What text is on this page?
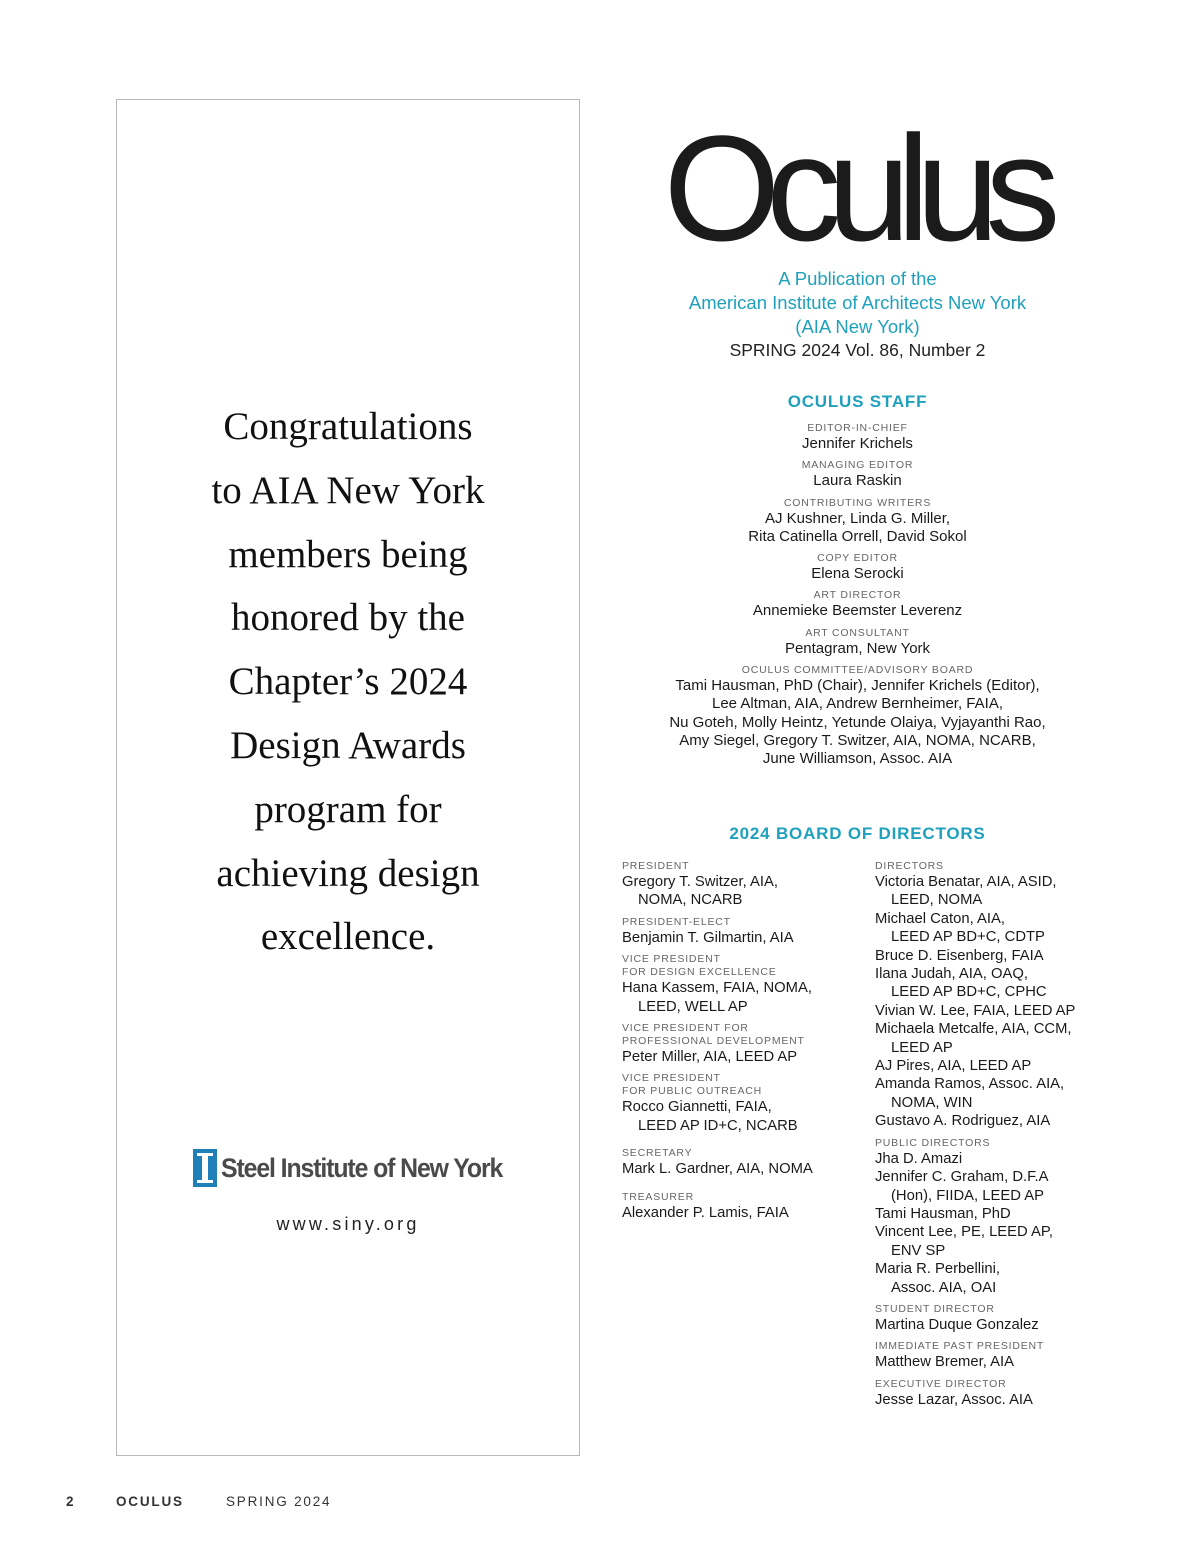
Congratulations
to AIA New York
members being
honored by the
Chapter’s 2024
Design Awards
program for
achieving design
excellence.
Steel Institute of New York
www.siny.org
Oculus
A Publication of the
American Institute of Architects New York
(AIA New York)
SPRING 2024 Vol. 86, Number 2
OCULUS STAFF
EDITOR-IN-CHIEF
Jennifer Krichels
MANAGING EDITOR
Laura Raskin
CONTRIBUTING WRITERS
AJ Kushner, Linda G. Miller,
Rita Catinella Orrell, David Sokol
COPY EDITOR
Elena Serocki
ART DIRECTOR
Annemieke Beemster Leverenz
ART CONSULTANT
Pentagram, New York
OCULUS COMMITTEE/ADVISORY BOARD
Tami Hausman, PhD (Chair), Jennifer Krichels (Editor),
Lee Altman, AIA, Andrew Bernheimer, FAIA,
Nu Goteh, Molly Heintz, Yetunde Olaiya, Vyjayanthi Rao,
Amy Siegel, Gregory T. Switzer, AIA, NOMA, NCARB,
June Williamson, Assoc. AIA
2024 BOARD OF DIRECTORS
PRESIDENT
Gregory T. Switzer, AIA,
NOMA, NCARB
PRESIDENT-ELECT
Benjamin T. Gilmartin, AIA
VICE PRESIDENT
FOR DESIGN EXCELLENCE
Hana Kassem, FAIA, NOMA,
LEED, WELL AP
VICE PRESIDENT FOR
PROFESSIONAL DEVELOPMENT
Peter Miller, AIA, LEED AP
VICE PRESIDENT
FOR PUBLIC OUTREACH
Rocco Giannetti, FAIA,
LEED AP ID+C, NCARB
SECRETARY
Mark L. Gardner, AIA, NOMA
TREASURER
Alexander P. Lamis, FAIA
DIRECTORS
Victoria Benatar, AIA, ASID,
LEED, NOMA
Michael Caton, AIA,
LEED AP BD+C, CDTP
Bruce D. Eisenberg, FAIA
Ilana Judah, AIA, OAQ,
LEED AP BD+C, CPHC
Vivian W. Lee, FAIA, LEED AP
Michaela Metcalfe, AIA, CCM,
LEED AP
AJ Pires, AIA, LEED AP
Amanda Ramos, Assoc. AIA,
NOMA, WIN
Gustavo A. Rodriguez, AIA
PUBLIC DIRECTORS
Jha D. Amazi
Jennifer C. Graham, D.F.A
(Hon), FIIDA, LEED AP
Tami Hausman, PhD
Vincent Lee, PE, LEED AP,
ENV SP
Maria R. Perbellini,
Assoc. AIA, OAI
STUDENT DIRECTOR
Martina Duque Gonzalez
IMMEDIATE PAST PRESIDENT
Matthew Bremer, AIA
EXECUTIVE DIRECTOR
Jesse Lazar, Assoc. AIA
2	OCULUS	SPRING 2024
